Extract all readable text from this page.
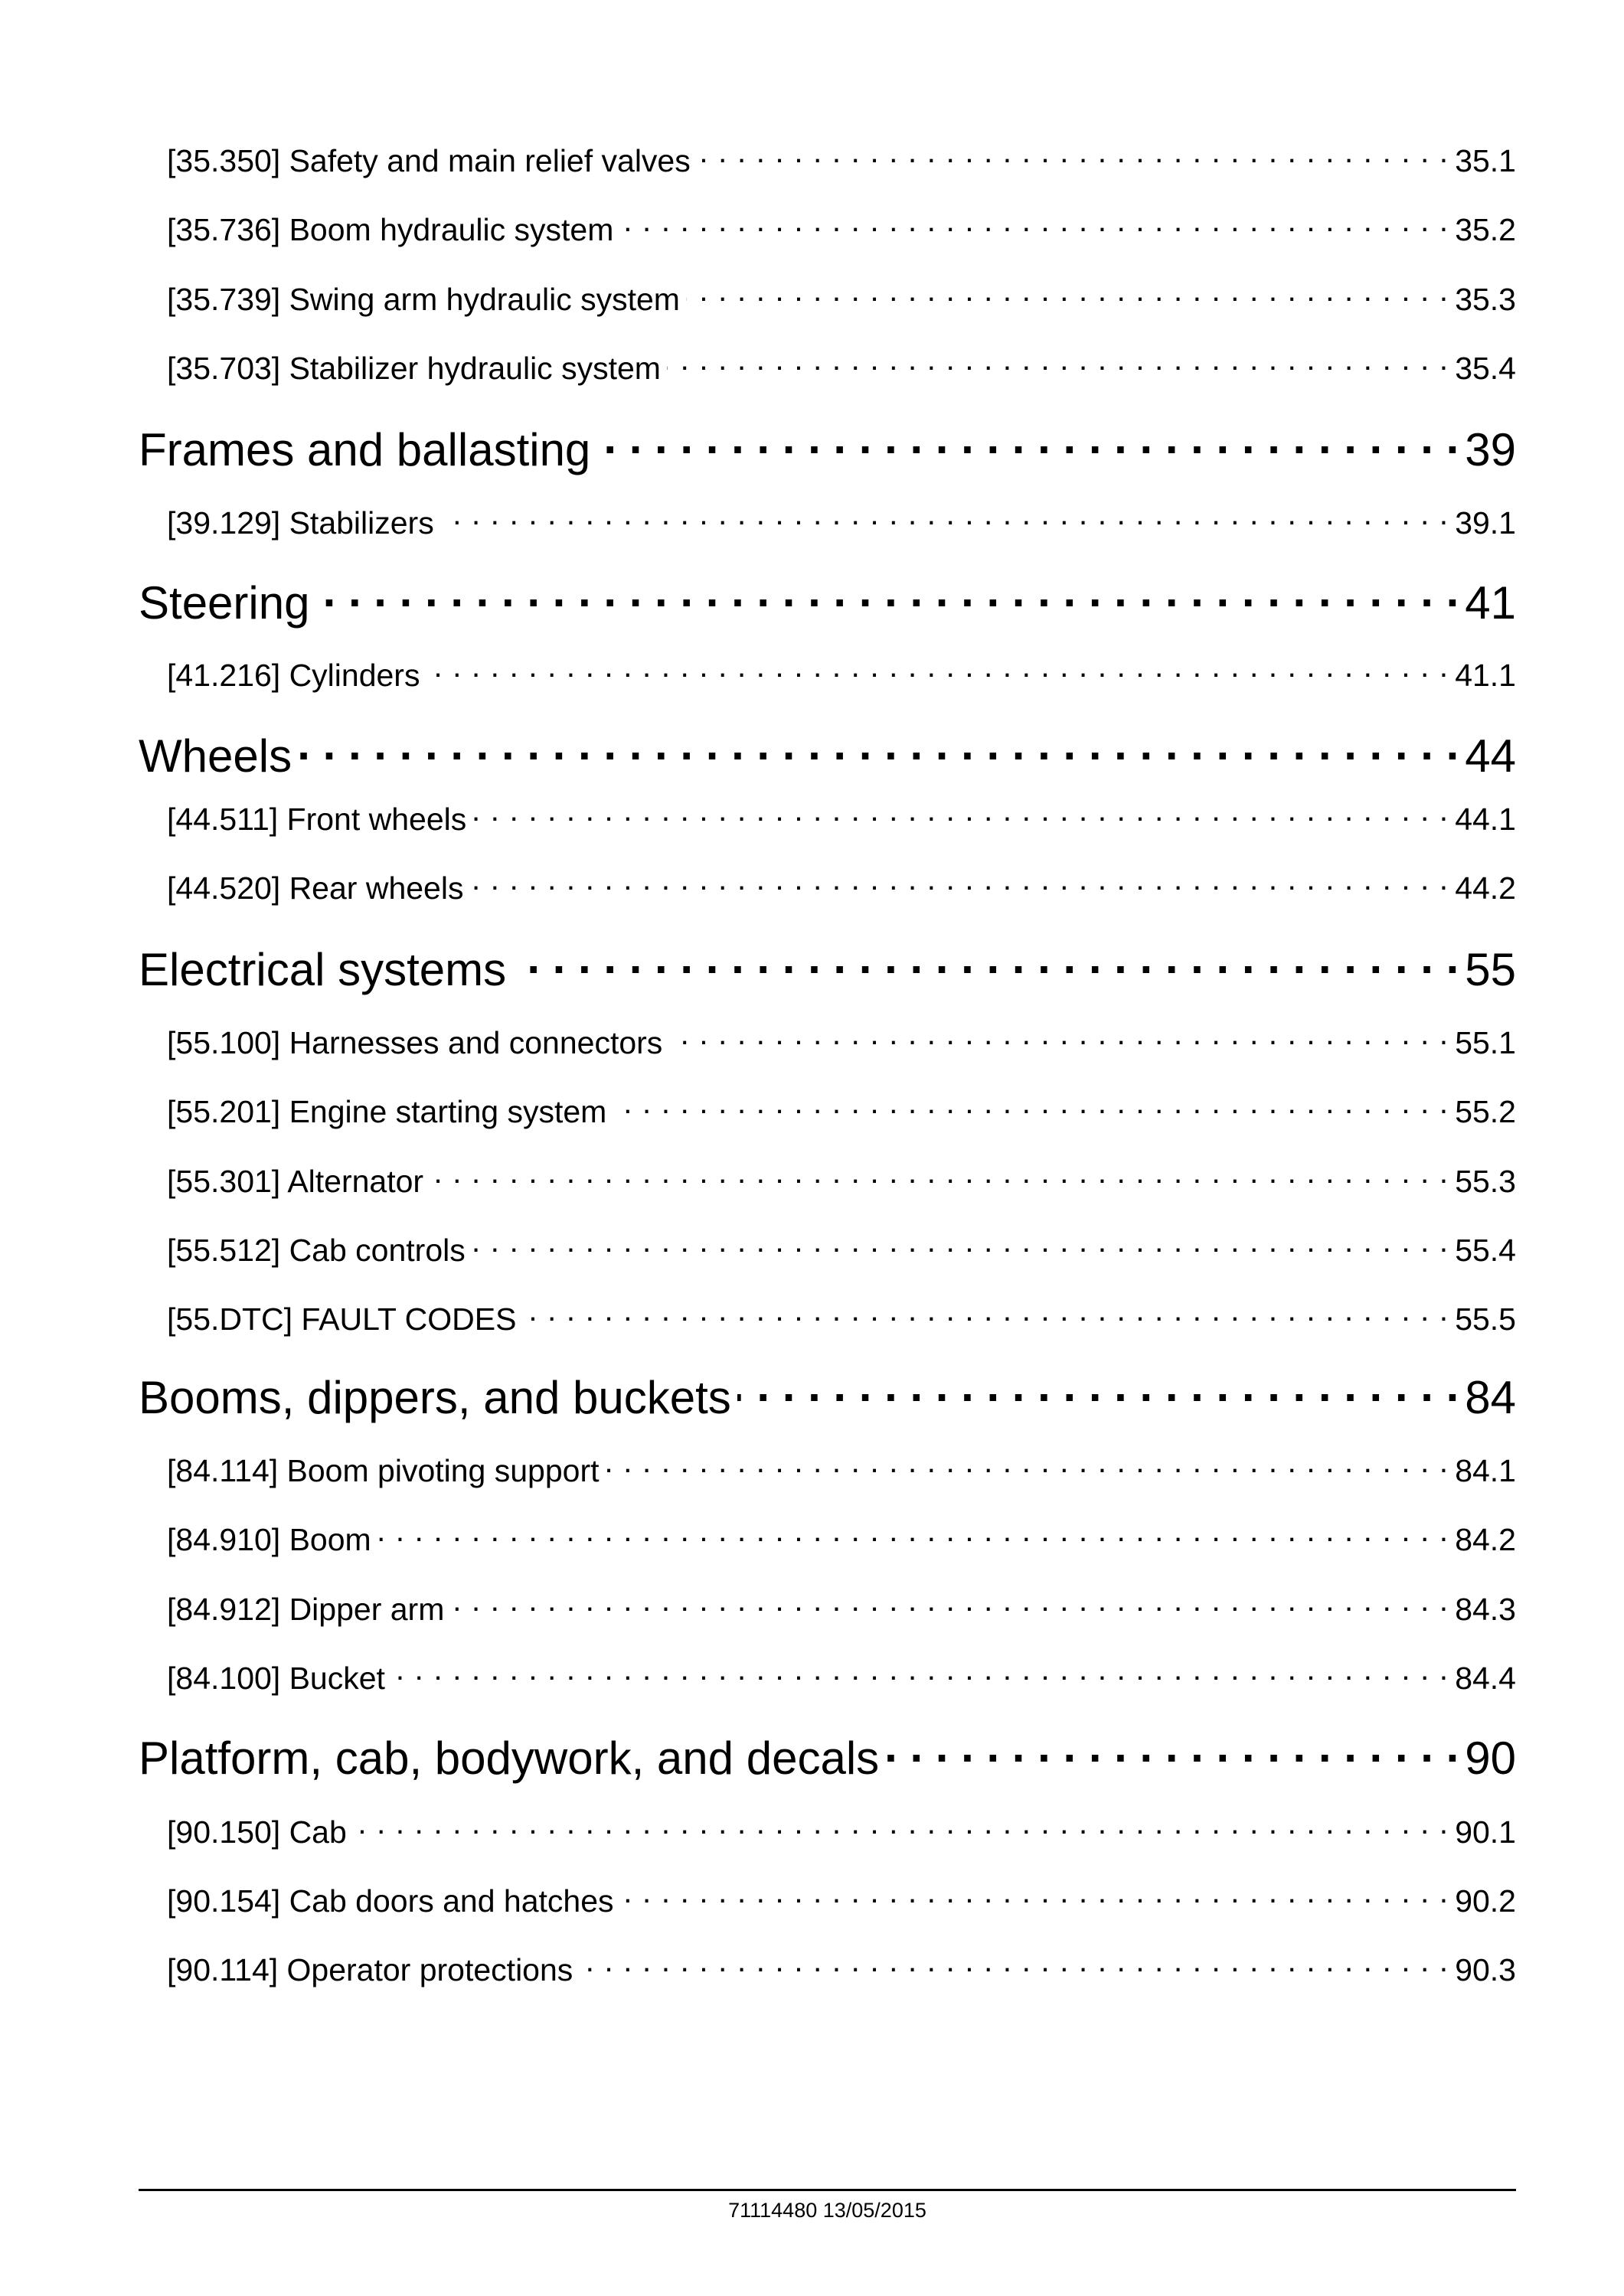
[35.350] Safety and main relief valves . . .	35.1
[35.736] Boom hydraulic system . . .	35.2
[35.739] Swing arm hydraulic system . . .	35.3
[35.703] Stabilizer hydraulic system . . .	35.4
Frames and ballasting . . .	39
[39.129] Stabilizers . . .	39.1
Steering . . .	41
[41.216] Cylinders . . .	41.1
Wheels . . .	44
[44.511] Front wheels . . .	44.1
[44.520] Rear wheels . . .	44.2
Electrical systems . . .	55
[55.100] Harnesses and connectors . . .	55.1
[55.201] Engine starting system . . .	55.2
[55.301] Alternator . . .	55.3
[55.512] Cab controls . . .	55.4
[55.DTC] FAULT CODES . . .	55.5
Booms, dippers, and buckets . . .	84
[84.114] Boom pivoting support . . .	84.1
[84.910] Boom . . .	84.2
[84.912] Dipper arm . . .	84.3
[84.100] Bucket . . .	84.4
Platform, cab, bodywork, and decals . . .	90
[90.150] Cab . . .	90.1
[90.154] Cab doors and hatches . . .	90.2
[90.114] Operator protections . . .	90.3
71114480 13/05/2015
